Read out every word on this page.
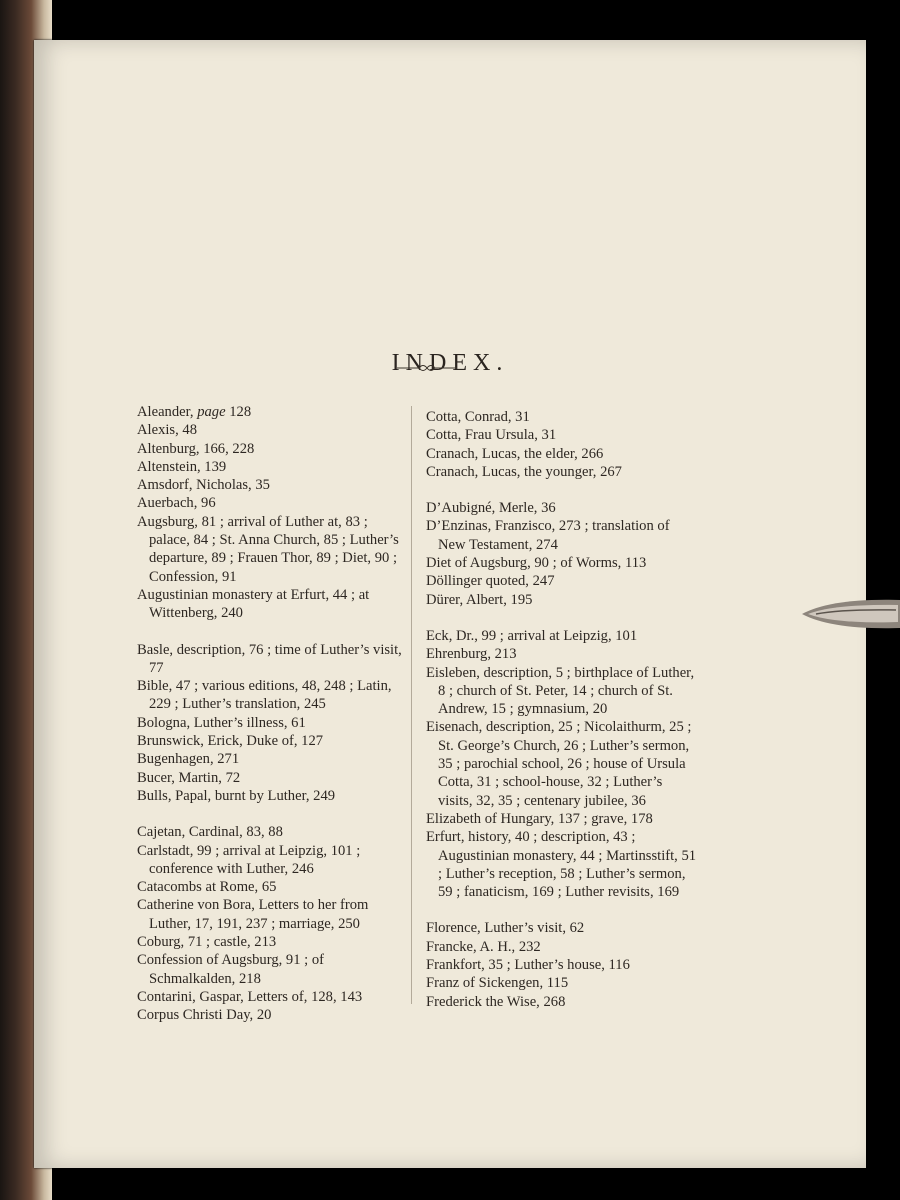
INDEX.

Aleander, page 128

Alexis, 48

Altenburg, 166, 228

Altenstein, 139

Amsdorf, Nicholas, 35

Auerbach, 96

Augsburg, 81 ; arrival of Luther at, 83 ; palace, 84 ; St. Anna Church, 85 ; Luther’s departure, 89 ; Frauen Thor, 89 ; Diet, 90 ; Confession, 91

Augustinian monastery at Erfurt, 44 ; at Wittenberg, 240

Basle, description, 76 ; time of Luther’s visit, 77

Bible, 47 ; various editions, 48, 248 ; Latin, 229 ; Luther’s translation, 245

Bologna, Luther’s illness, 61

Brunswick, Erick, Duke of, 127

Bugenhagen, 271

Bucer, Martin, 72

Bulls, Papal, burnt by Luther, 249

Cajetan, Cardinal, 83, 88

Carlstadt, 99 ; arrival at Leipzig, 101 ; conference with Luther, 246

Catacombs at Rome, 65

Catherine von Bora, Letters to her from Luther, 17, 191, 237 ; marriage, 250

Coburg, 71 ; castle, 213

Confession of Augsburg, 91 ; of Schmalkalden, 218

Contarini, Gaspar, Letters of, 128, 143

Corpus Christi Day, 20

Cotta, Conrad, 31

Cotta, Frau Ursula, 31

Cranach, Lucas, the elder, 266

Cranach, Lucas, the younger, 267

D’Aubigné, Merle, 36

D’Enzinas, Franzisco, 273 ; translation of New Testament, 274

Diet of Augsburg, 90 ; of Worms, 113

Döllinger quoted, 247

Dürer, Albert, 195

Eck, Dr., 99 ; arrival at Leipzig, 101

Ehrenburg, 213

Eisleben, description, 5 ; birthplace of Luther, 8 ; church of St. Peter, 14 ; church of St. Andrew, 15 ; gymnasium, 20

Eisenach, description, 25 ; Nicolaithurm, 25 ; St. George’s Church, 26 ; Luther’s sermon, 35 ; parochial school, 26 ; house of Ursula Cotta, 31 ; school-house, 32 ; Luther’s visits, 32, 35 ; centenary jubilee, 36

Elizabeth of Hungary, 137 ; grave, 178

Erfurt, history, 40 ; description, 43 ; Augustinian monastery, 44 ; Martinsstift, 51 ; Luther’s reception, 58 ; Luther’s sermon, 59 ; fanaticism, 169 ; Luther revisits, 169

Florence, Luther’s visit, 62

Francke, A. H., 232

Frankfort, 35 ; Luther’s house, 116

Franz of Sickengen, 115

Frederick the Wise, 268
